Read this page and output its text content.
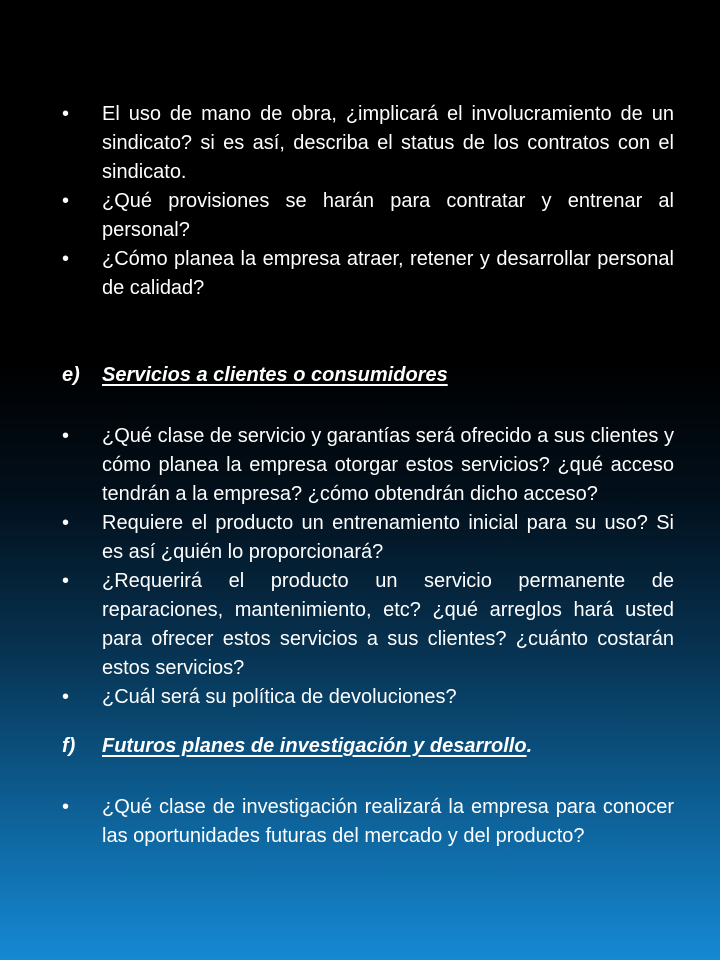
•	El uso de mano de obra, ¿implicará el involucramiento de un sindicato? si es así, describa el status de los contratos con el sindicato.
•	¿Qué provisiones se harán para contratar y entrenar al personal?
•	¿Cómo planea la empresa atraer, retener y desarrollar personal de calidad?
e)	Servicios a clientes o consumidores
•	¿Qué clase de servicio y garantías será ofrecido a sus clientes y cómo planea la empresa otorgar estos servicios? ¿qué acceso tendrán a la empresa? ¿cómo obtendrán dicho acceso?
•	Requiere el producto un entrenamiento inicial para su uso? Si es así ¿quién lo proporcionará?
•	¿Requerirá el producto un servicio permanente de reparaciones, mantenimiento, etc? ¿qué arreglos hará usted para ofrecer estos servicios a sus clientes? ¿cuánto costarán estos servicios?
•	¿Cuál será su política de devoluciones?
f)	Futuros planes de investigación y desarrollo.
•	¿Qué clase de investigación realizará la empresa para conocer las oportunidades futuras del mercado y del producto?
